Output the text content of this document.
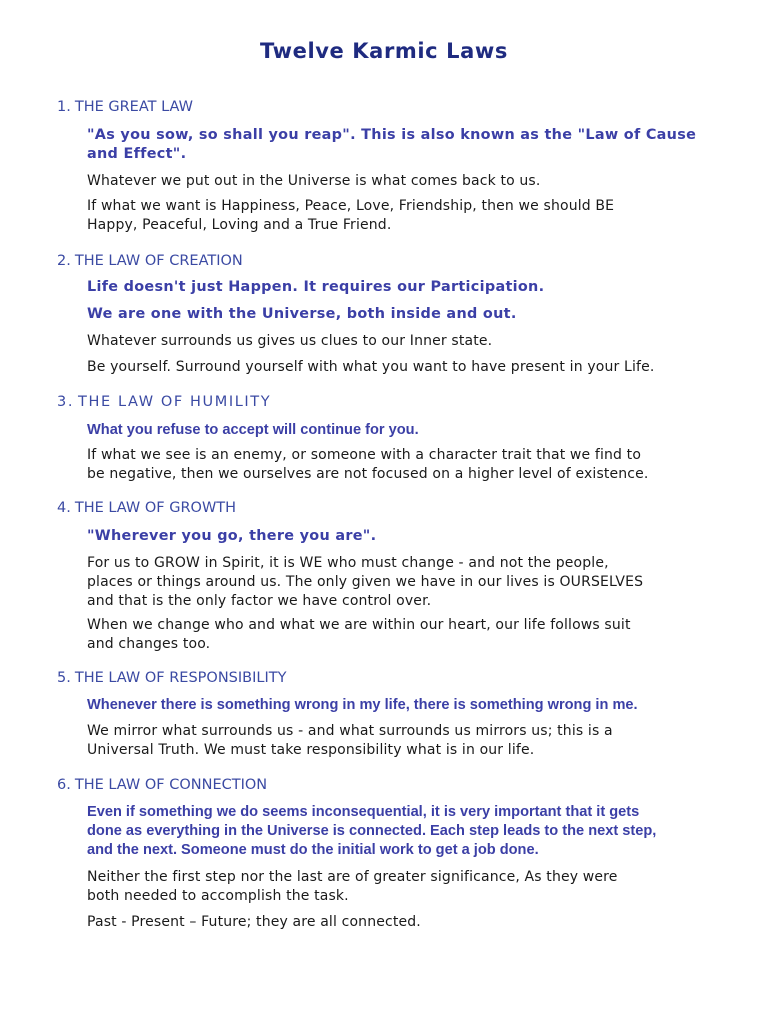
Twelve Karmic Laws
1. THE GREAT LAW
"As you sow, so shall you reap". This is also known as the "Law of Cause
and Effect".
Whatever we put out in the Universe is what comes back to us.
If what we want is Happiness, Peace, Love, Friendship, then we should BE
Happy, Peaceful, Loving and a True Friend.
2. THE LAW OF CREATION
Life doesn't just Happen. It requires our Participation.
We are one with the Universe, both inside and out.
Whatever surrounds us gives us clues to our Inner state.
Be yourself. Surround yourself with what you want to have present in your Life.
3. THE LAW OF HUMILITY
What you refuse to accept will continue for you.
If what we see is an enemy, or someone with a character trait that we find to
be negative, then we ourselves are not focused on a higher level of existence.
4. THE LAW OF GROWTH
"Wherever you go, there you are".
For us to GROW in Spirit, it is WE who must change - and not the people,
places or things around us. The only given we have in our lives is OURSELVES
and that is the only factor we have control over.
When we change who and what we are within our heart, our life follows suit
and changes too.
5. THE LAW OF RESPONSIBILITY
Whenever there is something wrong in my life, there is something wrong in me.
We mirror what surrounds us - and what surrounds us mirrors us; this is a
Universal Truth. We must take responsibility what is in our life.
6. THE LAW OF CONNECTION
Even if something we do seems inconsequential, it is very important that it gets
done as everything in the Universe is connected. Each step leads to the next step,
and the next. Someone must do the initial work to get a job done.
Neither the first step nor the last are of greater significance, As they were
both needed to accomplish the task.
Past - Present – Future; they are all connected.
